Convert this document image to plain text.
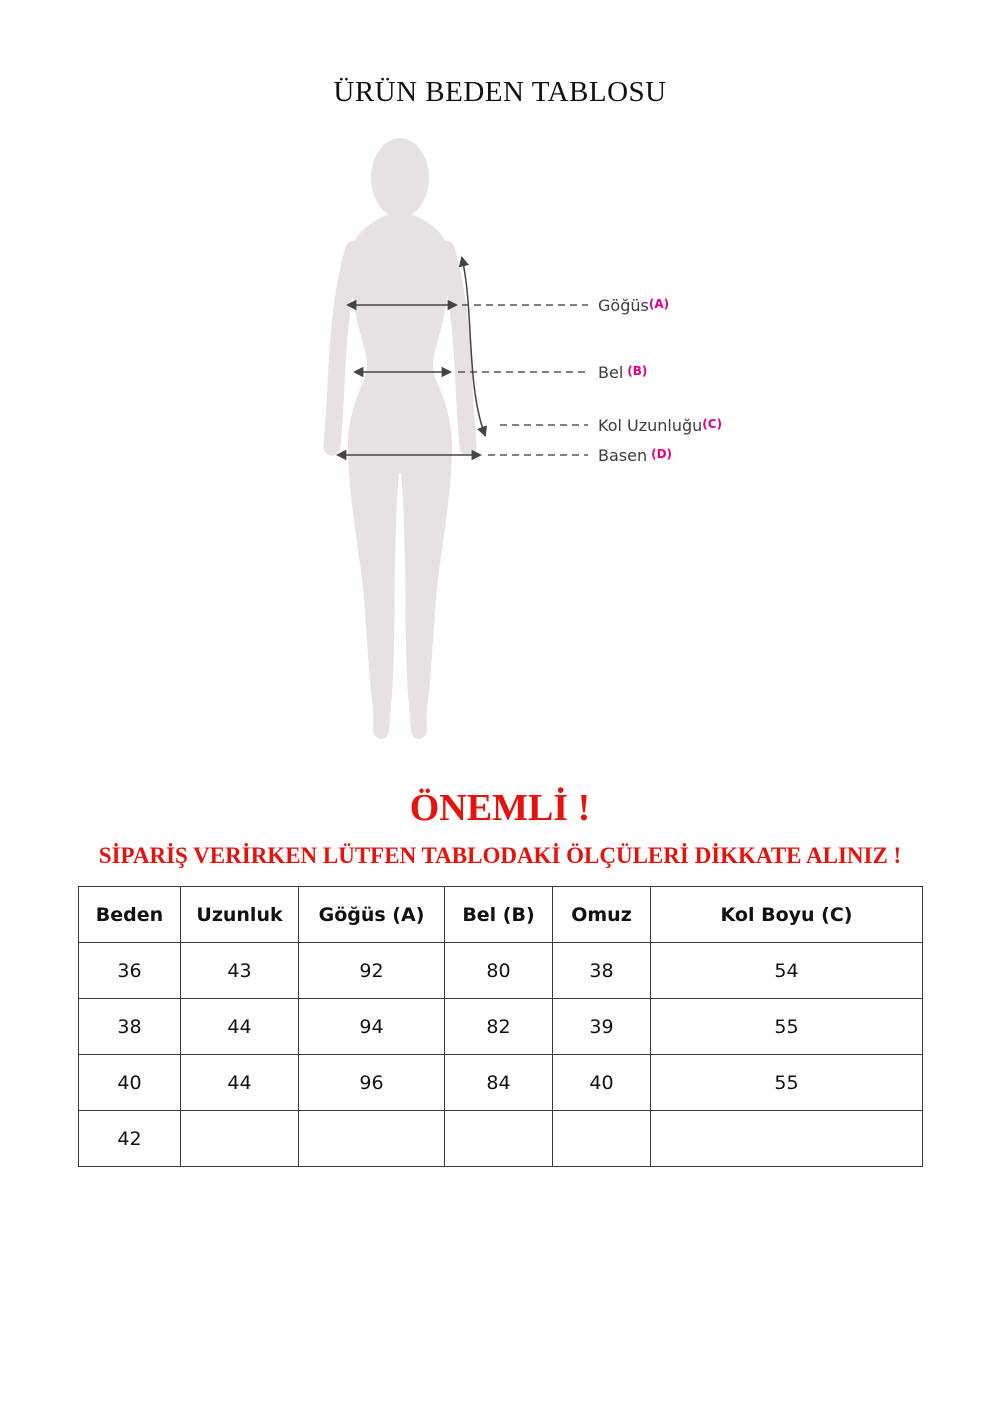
ÜRÜN BEDEN TABLOSU
Göğüs(A)
Bel (B)
Kol Uzunluğu(C)
Basen (D)
ÖNEMLİ !
SİPARİŞ VERİRKEN LÜTFEN TABLODAKİ ÖLÇÜLERİ DİKKATE ALINIZ !
Beden	Uzunluk	Göğüs (A)	Bel (B)	Omuz	Kol Boyu (C)
36	43	92	80	38	54
38	44	94	82	39	55
40	44	96	84	40	55
42					
